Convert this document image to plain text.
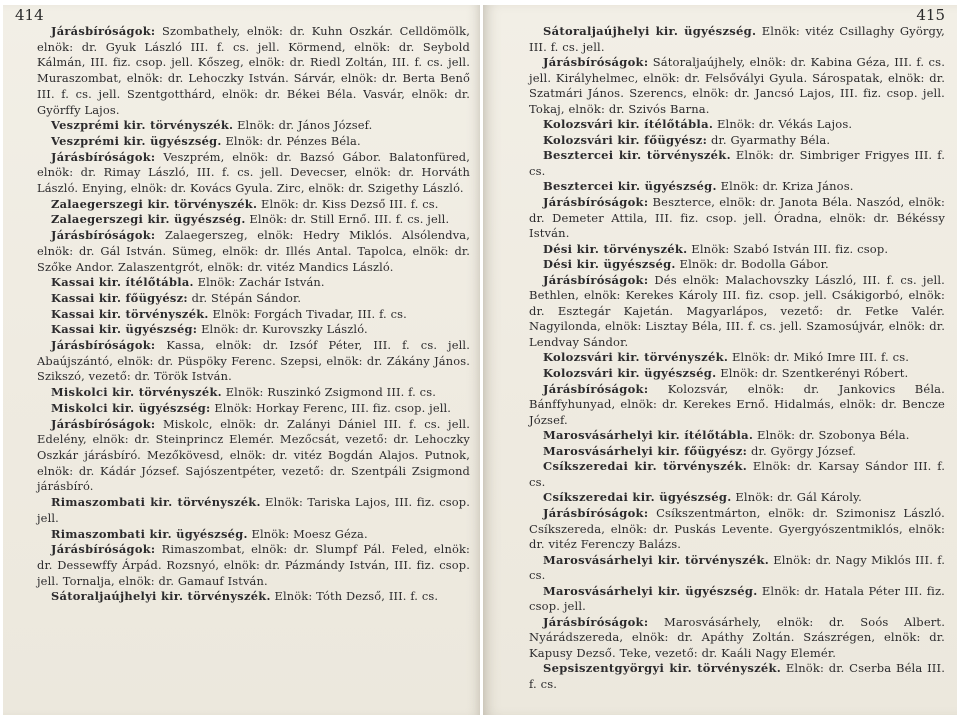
414

Járásbíróságok: Szombathely, elnök: dr. Kuhn Oszkár. Celldömölk, elnök: dr. Gyuk László III. f. cs. jell. Körmend, elnök: dr. Seybold Kálmán, III. fiz. csop. jell. Kőszeg, elnök: dr. Riedl Zoltán, III. f. cs. jell. Muraszombat, elnök: dr. Lehoczky István. Sárvár, elnök: dr. Berta Benő III. f. cs. jell. Szentgotthárd, elnök: dr. Békei Béla. Vasvár, elnök: dr. Györffy Lajos.

Veszprémi kir. törvényszék. Elnök: dr. János József.

Veszprémi kir. ügyészség. Elnök: dr. Pénzes Béla.

Járásbíróságok: Veszprém, elnök: dr. Bazsó Gábor. Balatonfüred, elnök: dr. Rimay László, III. f. cs. jell. Devecser, elnök: dr. Horváth László. Enying, elnök: dr. Kovács Gyula. Zirc, elnök: dr. Szigethy László.

Zalaegerszegi kir. törvényszék. Elnök: dr. Kiss Dezső III. f. cs.

Zalaegerszegi kir. ügyészség. Elnök: dr. Still Ernő. III. f. cs. jell.

Járásbíróságok: Zalaegerszeg, elnök: Hedry Miklós. Alsólendva, elnök: dr. Gál István. Sümeg, elnök: dr. Illés Antal. Tapolca, elnök: dr. Szőke Andor. Zalaszentgrót, elnök: dr. vitéz Mandics László.

Kassai kir. ítélőtábla. Elnök: Zachár István.

Kassai kir. főügyész: dr. Stépán Sándor.

Kassai kir. törvényszék. Elnök: Forgách Tivadar, III. f. cs.

Kassai kir. ügyészség: Elnök: dr. Kurovszky László.

Járásbíróságok: Kassa, elnök: dr. Izsóf Péter, III. f. cs. jell. Abaújszántó, elnök: dr. Püspöky Ferenc. Szepsi, elnök: dr. Zákány János. Szikszó, vezető: dr. Török István.

Miskolci kir. törvényszék. Elnök: Ruszinkó Zsigmond III. f. cs.

Miskolci kir. ügyészség: Elnök: Horkay Ferenc, III. fiz. csop. jell.

Járásbíróságok: Miskolc, elnök: dr. Zalányi Dániel III. f. cs. jell. Edelény, elnök: dr. Steinprincz Elemér. Mezőcsát, vezető: dr. Lehoczky Oszkár járásbíró. Mezőkövesd, elnök: dr. vitéz Bogdán Alajos. Putnok, elnök: dr. Kádár József. Sajószentpéter, vezető: dr. Szentpáli Zsigmond járásbíró.

Rimaszombati kir. törvényszék. Elnök: Tariska Lajos, III. fiz. csop. jell.

Rimaszombati kir. ügyészség. Elnök: Moesz Géza.

Járásbíróságok: Rimaszombat, elnök: dr. Slumpf Pál. Feled, elnök: dr. Dessewffy Árpád. Rozsnyó, elnök: dr. Pázmándy István, III. fiz. csop. jell. Tornalja, elnök: dr. Gamauf István.

Sátoraljaújhelyi kir. törvényszék. Elnök: Tóth Dezső, III. f. cs.

415

Sátoraljaújhelyi kir. ügyészség. Elnök: vitéz Csillaghy György, III. f. cs. jell.

Járásbíróságok: Sátoraljaújhely, elnök: dr. Kabina Géza, III. f. cs. jell. Királyhelmec, elnök: dr. Felsővályi Gyula. Sárospatak, elnök: dr. Szatmári János. Szerencs, elnök: dr. Jancsó Lajos, III. fiz. csop. jell. Tokaj, elnök: dr. Szivós Barna.

Kolozsvári kir. ítélőtábla. Elnök: dr. Vékás Lajos.

Kolozsvári kir. főügyész: dr. Gyarmathy Béla.

Besztercei kir. törvényszék. Elnök: dr. Simbriger Frigyes III. f. cs.

Besztercei kir. ügyészség. Elnök: dr. Kriza János.

Járásbíróságok: Beszterce, elnök: dr. Janota Béla. Naszód, elnök: dr. Demeter Attila, III. fiz. csop. jell. Óradna, elnök: dr. Békéssy István.

Dési kir. törvényszék. Elnök: Szabó István III. fiz. csop.

Dési kir. ügyészség. Elnök: dr. Bodolla Gábor.

Járásbíróságok: Dés elnök: Malachovszky László, III. f. cs. jell. Bethlen, elnök: Kerekes Károly III. fiz. csop. jell. Csákigorbó, elnök: dr. Esztegár Kajetán. Magyarlápos, vezető: dr. Fetke Valér. Nagyilonda, elnök: Lisztay Béla, III. f. cs. jell. Szamosújvár, elnök: dr. Lendvay Sándor.

Kolozsvári kir. törvényszék. Elnök: dr. Mikó Imre III. f. cs.

Kolozsvári kir. ügyészség. Elnök: dr. Szentkerényi Róbert.

Járásbíróságok: Kolozsvár, elnök: dr. Jankovics Béla. Bánffyhunyad, elnök: dr. Kerekes Ernő. Hidalmás, elnök: dr. Bencze József.

Marosvásárhelyi kir. ítélőtábla. Elnök: dr. Szobonya Béla.

Marosvásárhelyi kir. főügyész: dr. György József.

Csíkszeredai kir. törvényszék. Elnök: dr. Karsay Sándor III. f. cs.

Csíkszeredai kir. ügyészség. Elnök: dr. Gál Károly.

Járásbíróságok: Csíkszentmárton, elnök: dr. Szimonisz László. Csíkszereda, elnök: dr. Puskás Levente. Gyergyószentmiklós, elnök: dr. vitéz Ferenczy Balázs.

Marosvásárhelyi kir. törvényszék. Elnök: dr. Nagy Miklós III. f. cs.

Marosvásárhelyi kir. ügyészség. Elnök: dr. Hatala Péter III. fiz. csop. jell.

Járásbíróságok: Marosvásárhely, elnök: dr. Soós Albert. Nyárádszereda, elnök: dr. Apáthy Zoltán. Szászrégen, elnök: dr. Kapusy Dezső. Teke, vezető: dr. Kaáli Nagy Elemér.

Sepsiszentgyörgyi kir. törvényszék. Elnök: dr. Cserba Béla III. f. cs.
